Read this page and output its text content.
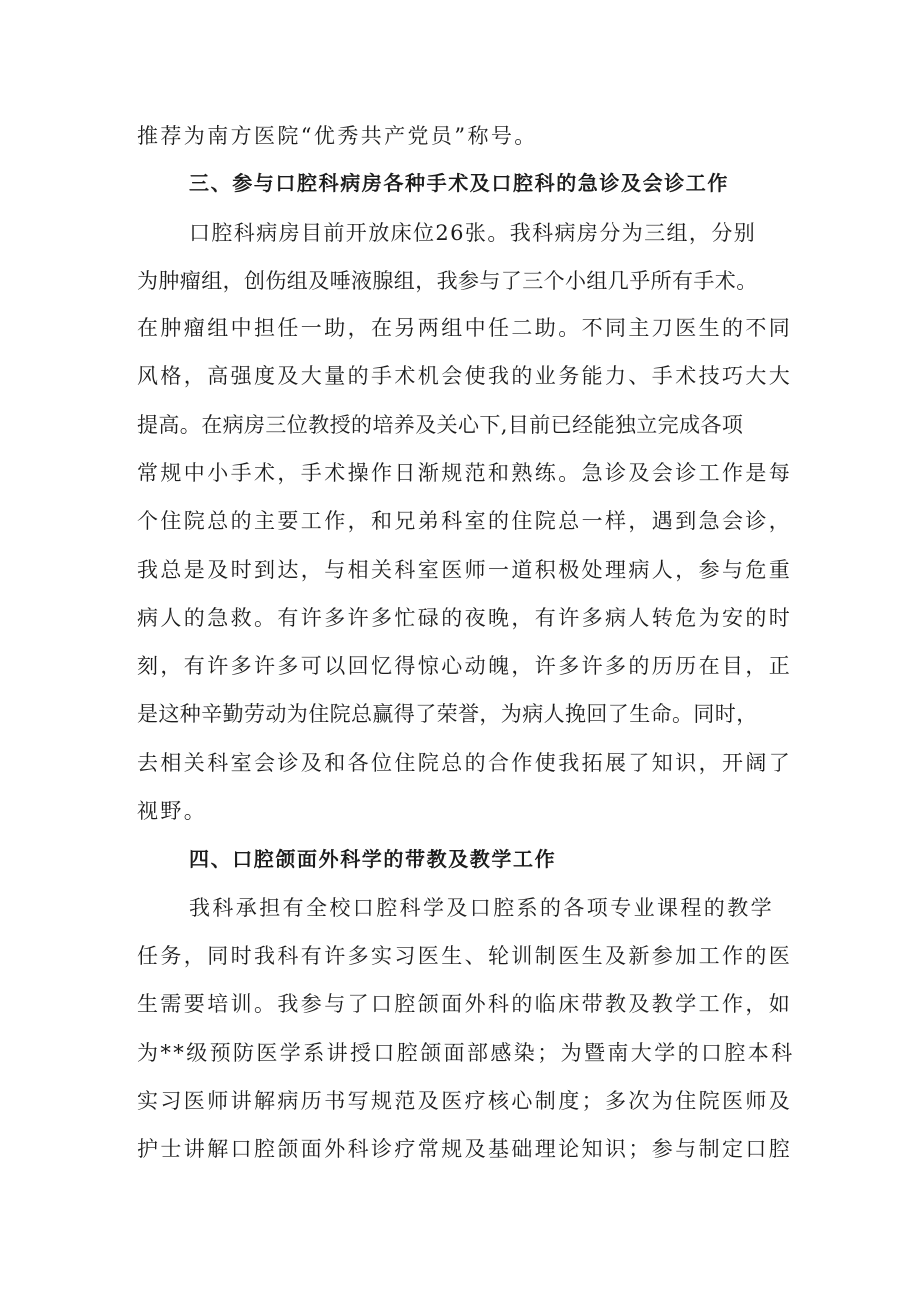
推荐为南方医院“优秀共产党员”称号。
三、参与口腔科病房各种手术及口腔科的急诊及会诊工作
口腔科病房目前开放床位26张。我科病房分为三组，分别
为肿瘤组，创伤组及唾液腺组，我参与了三个小组几乎所有手术。
在肿瘤组中担任一助，在另两组中任二助。不同主刀医生的不同
风格，高强度及大量的手术机会使我的业务能力、手术技巧大大
提高。在病房三位教授的培养及关心下,目前已经能独立完成各项
常规中小手术，手术操作日渐规范和熟练。急诊及会诊工作是每
个住院总的主要工作，和兄弟科室的住院总一样，遇到急会诊，
我总是及时到达，与相关科室医师一道积极处理病人，参与危重
病人的急救。有许多许多忙碌的夜晚，有许多病人转危为安的时
刻，有许多许多可以回忆得惊心动魄，许多许多的历历在目，正
是这种辛勤劳动为住院总赢得了荣誉，为病人挽回了生命。同时，
去相关科室会诊及和各位住院总的合作使我拓展了知识，开阔了
视野。
四、口腔颌面外科学的带教及教学工作
我科承担有全校口腔科学及口腔系的各项专业课程的教学
任务，同时我科有许多实习医生、轮训制医生及新参加工作的医
生需要培训。我参与了口腔颌面外科的临床带教及教学工作，如
为**级预防医学系讲授口腔颌面部感染；为暨南大学的口腔本科
实习医师讲解病历书写规范及医疗核心制度；多次为住院医师及
护士讲解口腔颌面外科诊疗常规及基础理论知识；参与制定口腔
